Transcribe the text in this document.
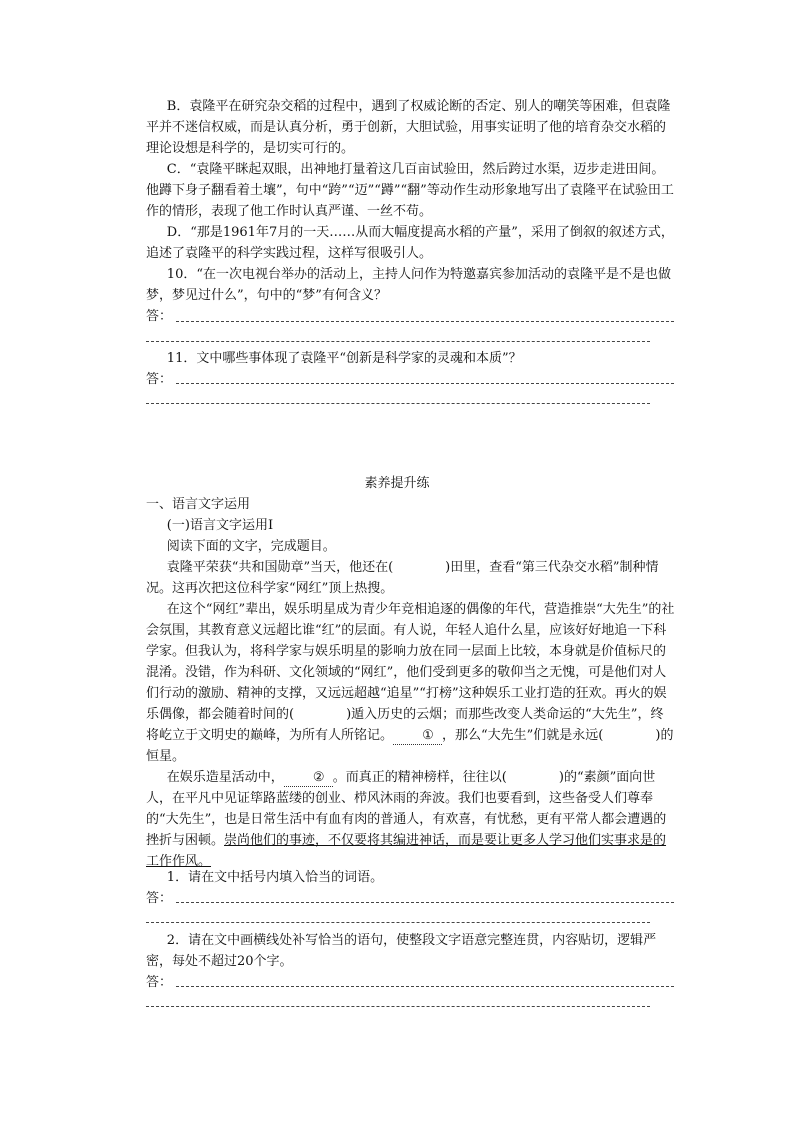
B．袁隆平在研究杂交稻的过程中，遇到了权威论断的否定、别人的嘲笑等困难，但袁隆平并不迷信权威，而是认真分析，勇于创新，大胆试验，用事实证明了他的培育杂交水稻的理论设想是科学的，是切实可行的。

C．“袁隆平眯起双眼，出神地打量着这几百亩试验田，然后跨过水渠，迈步走进田间。他蹲下身子翻看着土壤”，句中“跨”“迈”“蹲”“翻”等动作生动形象地写出了袁隆平在试验田工作的情形，表现了他工作时认真严谨、一丝不苟。

D．“那是1961年7月的一天……从而大幅度提高水稻的产量”，采用了倒叙的叙述方式，追述了袁隆平的科学实践过程，这样写很吸引人。

10．“在一次电视台举办的活动上，主持人问作为特邀嘉宾参加活动的袁隆平是不是也做梦，梦见过什么”，句中的“梦”有何含义？

答：

11．文中哪些事体现了袁隆平“创新是科学家的灵魂和本质”？

答：
素养提升练

一、语言文字运用

(一)语言文字运用Ⅰ

阅读下面的文字，完成题目。

袁隆平荣获“共和国勋章”当天，他还在(	)田里，查看“第三代杂交水稻”制种情况。这再次把这位科学家“网红”顶上热搜。

在这个“网红”辈出，娱乐明星成为青少年竞相追逐的偶像的年代，营造推崇“大先生”的社会氛围，其教育意义远超比谁“红”的层面。有人说，年轻人追什么星，应该好好地追一下科学家。但我认为，将科学家与娱乐明星的影响力放在同一层面上比较，本身就是价值标尺的混淆。没错，作为科研、文化领域的“网红”，他们受到更多的敬仰当之无愧，可是他们对人们行动的激励、精神的支撑，又远远超越“追星”“打榜”这种娱乐工业打造的狂欢。再火的娱乐偶像，都会随着时间的(	)遁入历史的云烟；而那些改变人类命运的“大先生”，终将屹立于文明史的巅峰，为所有人所铭记。 ① ，那么“大先生”们就是永远(	)的恒星。

在娱乐造星活动中， ② 。而真正的精神榜样，往往以(	)的“素颜”面向世人，在平凡中见证筚路蓝缕的创业、栉风沐雨的奔波。我们也要看到，这些备受人们尊奉的“大先生”，也是日常生活中有血有肉的普通人，有欢喜，有忧愁，更有平常人都会遭遇的挫折与困顿。崇尚他们的事迹，不仅要将其编进神话，而是要让更多人学习他们实事求是的工作作风。

1．请在文中括号内填入恰当的词语。

答：

2．请在文中画横线处补写恰当的语句，使整段文字语意完整连贯，内容贴切，逻辑严密，每处不超过20个字。

答：
